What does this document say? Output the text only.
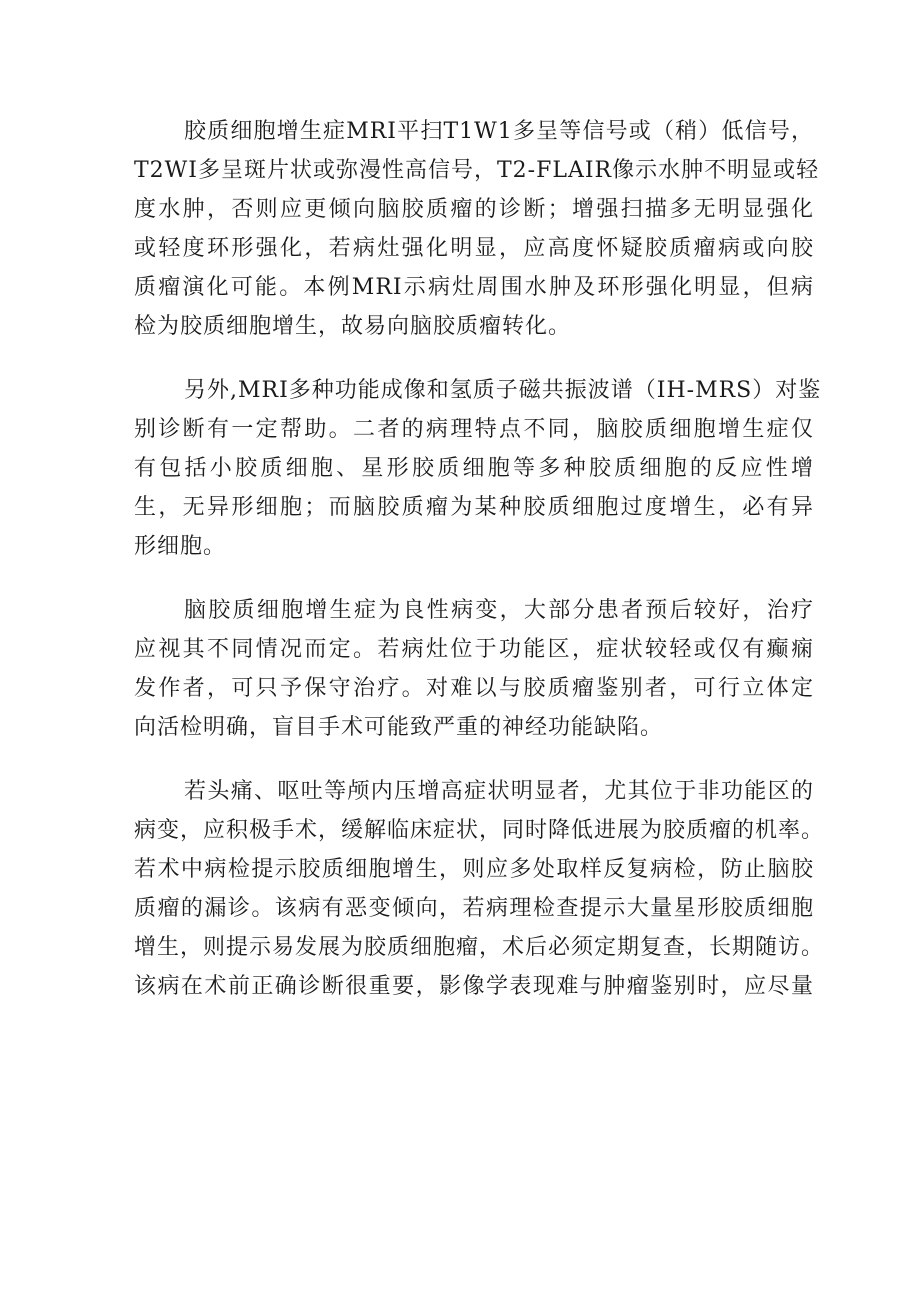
胶质细胞增生症MRI平扫T1W1多呈等信号或（稍）低信号，
T2WI多呈斑片状或弥漫性高信号，T2-FLAIR像示水肿不明显或轻
度水肿，否则应更倾向脑胶质瘤的诊断；增强扫描多无明显强化
或轻度环形强化，若病灶强化明显，应高度怀疑胶质瘤病或向胶
质瘤演化可能。本例MRI示病灶周围水肿及环形强化明显，但病
检为胶质细胞增生，故易向脑胶质瘤转化。

另外,MRI多种功能成像和氢质子磁共振波谱（IH-MRS）对鉴
别诊断有一定帮助。二者的病理特点不同，脑胶质细胞增生症仅
有包括小胶质细胞、星形胶质细胞等多种胶质细胞的反应性增
生，无异形细胞；而脑胶质瘤为某种胶质细胞过度增生，必有异
形细胞。

脑胶质细胞增生症为良性病变，大部分患者预后较好，治疗
应视其不同情况而定。若病灶位于功能区，症状较轻或仅有癫痫
发作者，可只予保守治疗。对难以与胶质瘤鉴别者，可行立体定
向活检明确，盲目手术可能致严重的神经功能缺陷。

若头痛、呕吐等颅内压增高症状明显者，尤其位于非功能区的
病变，应积极手术，缓解临床症状，同时降低进展为胶质瘤的机率。
若术中病检提示胶质细胞增生，则应多处取样反复病检，防止脑胶
质瘤的漏诊。该病有恶变倾向，若病理检查提示大量星形胶质细胞
增生，则提示易发展为胶质细胞瘤，术后必须定期复查，长期随访。
该病在术前正确诊断很重要，影像学表现难与肿瘤鉴别时，应尽量
